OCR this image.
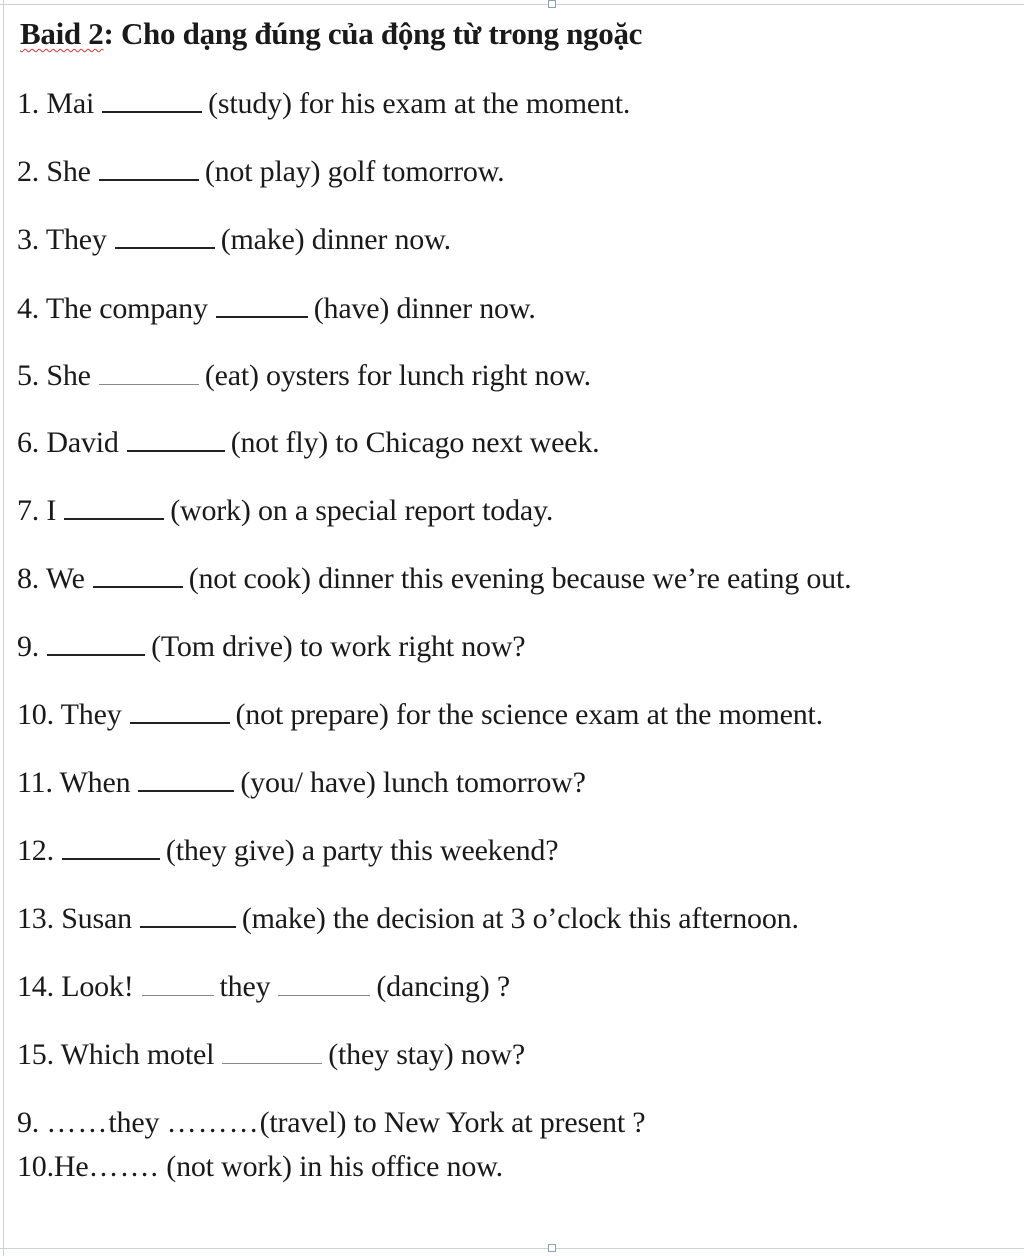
Baid 2: Cho dạng đúng của động từ trong ngoặc
1. Mai	(study) for his exam at the moment.
2. She	(not play) golf tomorrow.
3. They	(make) dinner now.
4. The company	(have) dinner now.
5. She	(eat) oysters for lunch right now.
6. David	(not fly) to Chicago next week.
7. I	(work) on a special report today.
8. We	(not cook) dinner this evening because we’re eating out.
9.	(Tom drive) to work right now?
10. They	(not prepare) for the science exam at the moment.
11. When	(you/ have) lunch tomorrow?
12.	(they give) a party this weekend?
13. Susan	(make) the decision at 3 o’clock this afternoon.
14. Look!	they	(dancing) ?
15. Which motel	(they stay) now?
9. ……they ………(travel) to New York at present ?
10.He……. (not work) in his office now.
